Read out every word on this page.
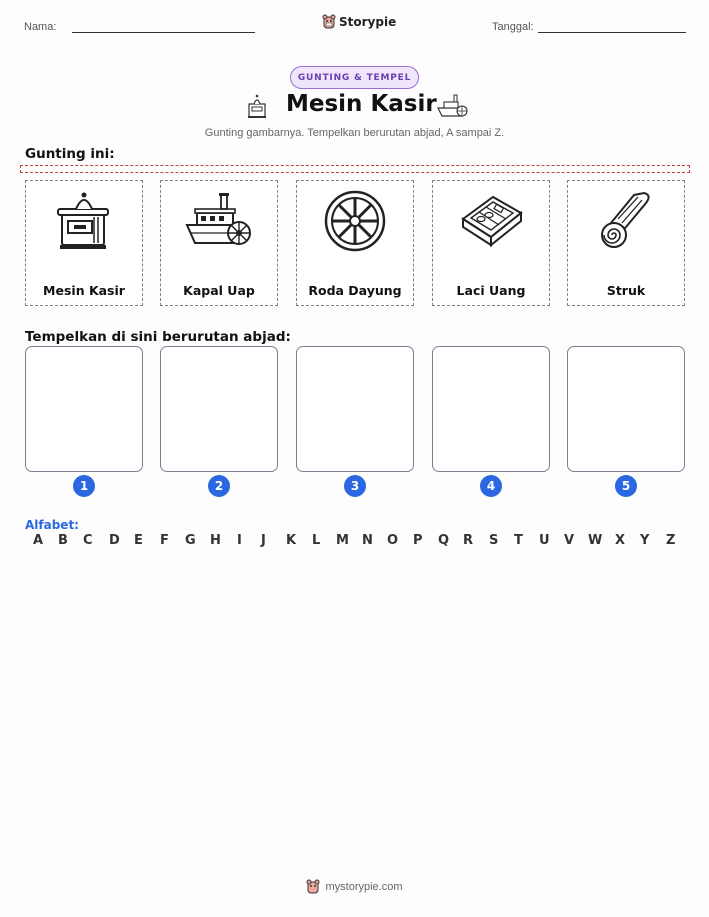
Nama:	Storypie	Tanggal:
GUNTING & TEMPEL
Mesin Kasir
Gunting gambarnya. Tempelkan berurutan abjad, A sampai Z.
Gunting ini:
Mesin Kasir	Kapal Uap	Roda Dayung	Laci Uang	Struk
Tempelkan di sini berurutan abjad:
1	2	3	4	5
Alfabet:
A B C D E F G H I J K L M N O P Q R S T U V W X Y Z
mystorypie.com
